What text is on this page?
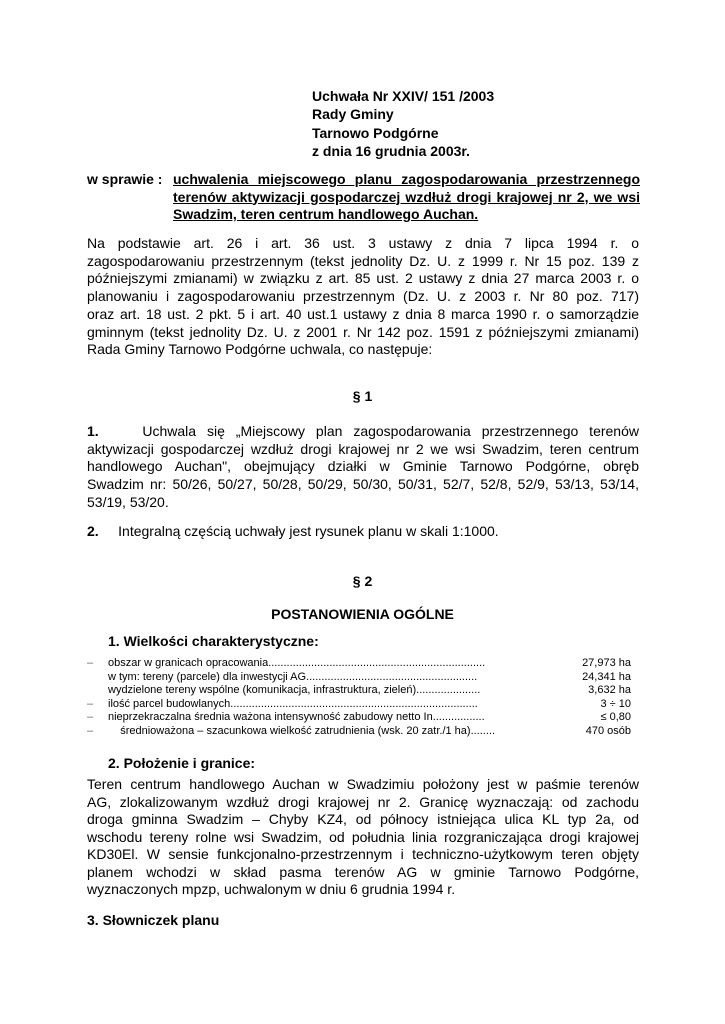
Uchwała Nr XXIV/ 151 /2003
Rady Gminy
Tarnowo Podgórne
z dnia 16 grudnia 2003r.
w sprawie : uchwalenia miejscowego planu zagospodarowania przestrzennego
terenów aktywizacji gospodarczej wzdłuż drogi krajowej nr 2, we wsi
Swadzim, teren centrum handlowego Auchan.
Na podstawie art. 26 i art. 36 ust. 3 ustawy z dnia 7 lipca 1994 r. o
zagospodarowaniu przestrzennym (tekst jednolity Dz. U. z 1999 r. Nr 15 poz. 139 z
późniejszymi zmianami) w związku z art. 85 ust. 2 ustawy z dnia 27 marca 2003 r. o
planowaniu i zagospodarowaniu przestrzennym (Dz. U. z 2003 r. Nr 80 poz. 717)
oraz art. 18 ust. 2 pkt. 5 i art. 40 ust.1 ustawy z dnia 8 marca 1990 r. o samorządzie
gminnym (tekst jednolity Dz. U. z 2001 r. Nr 142 poz. 1591 z późniejszymi zmianami)
Rada Gminy Tarnowo Podgórne uchwala, co następuje:
§ 1
1.	Uchwala się „Miejscowy plan zagospodarowania przestrzennego terenów
aktywizacji gospodarczej wzdłuż drogi krajowej nr 2 we wsi Swadzim, teren centrum
handlowego Auchan", obejmujący działki w Gminie Tarnowo Podgórne, obręb
Swadzim nr: 50/26, 50/27, 50/28, 50/29, 50/30, 50/31, 52/7, 52/8, 52/9, 53/13, 53/14,
53/19, 53/20.
2. Integralną częścią uchwały jest rysunek planu w skali 1:1000.
§ 2
POSTANOWIENIA OGÓLNE
1. Wielkości charakterystyczne:
– obszar w granicach opracowania.......................................................................	27,973 ha
w tym: tereny (parcele) dla inwestycji AG........................................................	24,341 ha
wydzielone tereny wspólne (komunikacja, infrastruktura, zieleń).....................	3,632 ha
– ilość parcel budowlanych.................................................................................	3 ÷ 10
– nieprzekraczalna średnia ważona intensywność zabudowy netto In.................	≤ 0,80
– średnioważona – szacunkowa wielkość zatrudnienia (wsk. 20 zatr./1 ha)........	470 osób
2. Położenie i granice:
Teren centrum handlowego Auchan w Swadzimiu położony jest w paśmie terenów
AG, zlokalizowanym wzdłuż drogi krajowej nr 2. Granicę wyznaczają: od zachodu
droga gminna Swadzim – Chyby KZ4, od północy istniejąca ulica KL typ 2a, od
wschodu tereny rolne wsi Swadzim, od południa linia rozgraniczająca drogi krajowej
KD30El. W sensie funkcjonalno-przestrzennym i techniczno-użytkowym teren objęty
planem wchodzi w skład pasma terenów AG w gminie Tarnowo Podgórne,
wyznaczonych mpzp, uchwalonym w dniu 6 grudnia 1994 r.
3. Słowniczek planu
